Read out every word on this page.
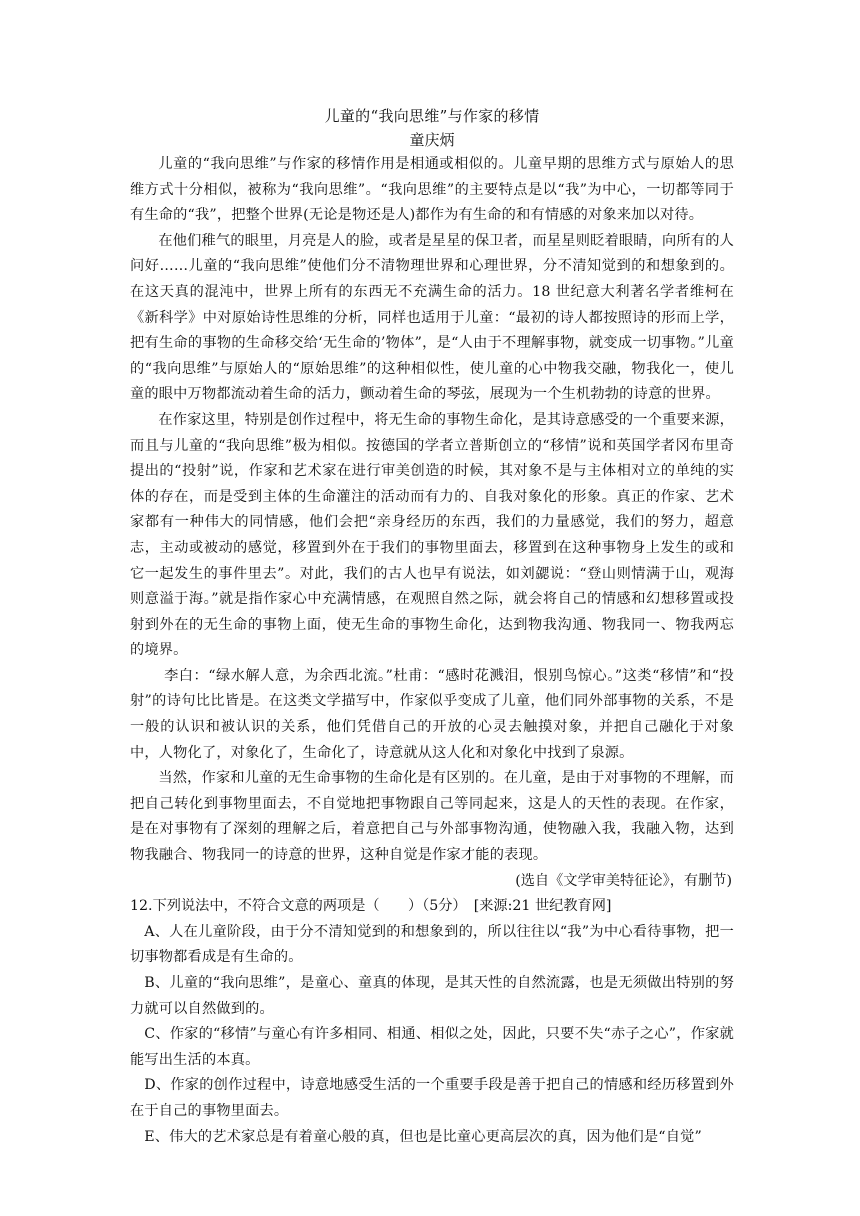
儿童的“我向思维”与作家的移情
童庆炳

儿童的“我向思维”与作家的移情作用是相通或相似的。儿童早期的思维方式与原始人的思维方式十分相似，被称为“我向思维”。“我向思维”的主要特点是以“我”为中心，一切都等同于有生命的“我”，把整个世界(无论是物还是人)都作为有生命的和有情感的对象来加以对待。

在他们稚气的眼里，月亮是人的脸，或者是星星的保卫者，而星星则眨着眼睛，向所有的人问好……儿童的“我向思维”使他们分不清物理世界和心理世界，分不清知觉到的和想象到的。在这天真的混沌中，世界上所有的东西无不充满生命的活力。18 世纪意大利著名学者维柯在《新科学》中对原始诗性思维的分析，同样也适用于儿童：“最初的诗人都按照诗的形而上学，把有生命的事物的生命移交给‘无生命的’物体”，是“人由于不理解事物，就变成一切事物。”儿童的“我向思维”与原始人的“原始思维”的这种相似性，使儿童的心中物我交融，物我化一，使儿童的眼中万物都流动着生命的活力，颤动着生命的琴弦，展现为一个生机勃勃的诗意的世界。

在作家这里，特别是创作过程中，将无生命的事物生命化，是其诗意感受的一个重要来源，而且与儿童的“我向思维”极为相似。按德国的学者立普斯创立的“移情”说和英国学者冈布里奇提出的“投射”说，作家和艺术家在进行审美创造的时候，其对象不是与主体相对立的单纯的实体的存在，而是受到主体的生命灌注的活动而有力的、自我对象化的形象。真正的作家、艺术家都有一种伟大的同情感，他们会把“亲身经历的东西，我们的力量感觉，我们的努力，超意志，主动或被动的感觉，移置到外在于我们的事物里面去，移置到在这种事物身上发生的或和它一起发生的事件里去”。对此，我们的古人也早有说法，如刘勰说：“登山则情满于山，观海则意溢于海。”就是指作家心中充满情感，在观照自然之际，就会将自己的情感和幻想移置或投射到外在的无生命的事物上面，使无生命的事物生命化，达到物我沟通、物我同一、物我两忘的境界。

李白：“绿水解人意，为余西北流。”杜甫：“感时花溅泪，恨别鸟惊心。”这类“移情”和“投射”的诗句比比皆是。在这类文学描写中，作家似乎变成了儿童，他们同外部事物的关系，不是一般的认识和被认识的关系，他们凭借自己的开放的心灵去触摸对象，并把自己融化于对象中，人物化了，对象化了，生命化了，诗意就从这人化和对象化中找到了泉源。

当然，作家和儿童的无生命事物的生命化是有区别的。在儿童，是由于对事物的不理解，而把自己转化到事物里面去，不自觉地把事物跟自己等同起来，这是人的天性的表现。在作家，是在对事物有了深刻的理解之后，着意把自己与外部事物沟通，使物融入我，我融入物，达到物我融合、物我同一的诗意的世界，这种自觉是作家才能的表现。

(选自《文学审美特征论》，有删节)

12.下列说法中，不符合文意的两项是（　　）（5分）　[来源:21 世纪教育网]

A、人在儿童阶段，由于分不清知觉到的和想象到的，所以往往以“我”为中心看待事物，把一切事物都看成是有生命的。

B、儿童的“我向思维”，是童心、童真的体现，是其天性的自然流露，也是无须做出特别的努力就可以自然做到的。

C、作家的“移情”与童心有许多相同、相通、相似之处，因此，只要不失“赤子之心”，作家就能写出生活的本真。

D、作家的创作过程中，诗意地感受生活的一个重要手段是善于把自己的情感和经历移置到外在于自己的事物里面去。

E、伟大的艺术家总是有着童心般的真，但也是比童心更高层次的真，因为他们是“自觉”
